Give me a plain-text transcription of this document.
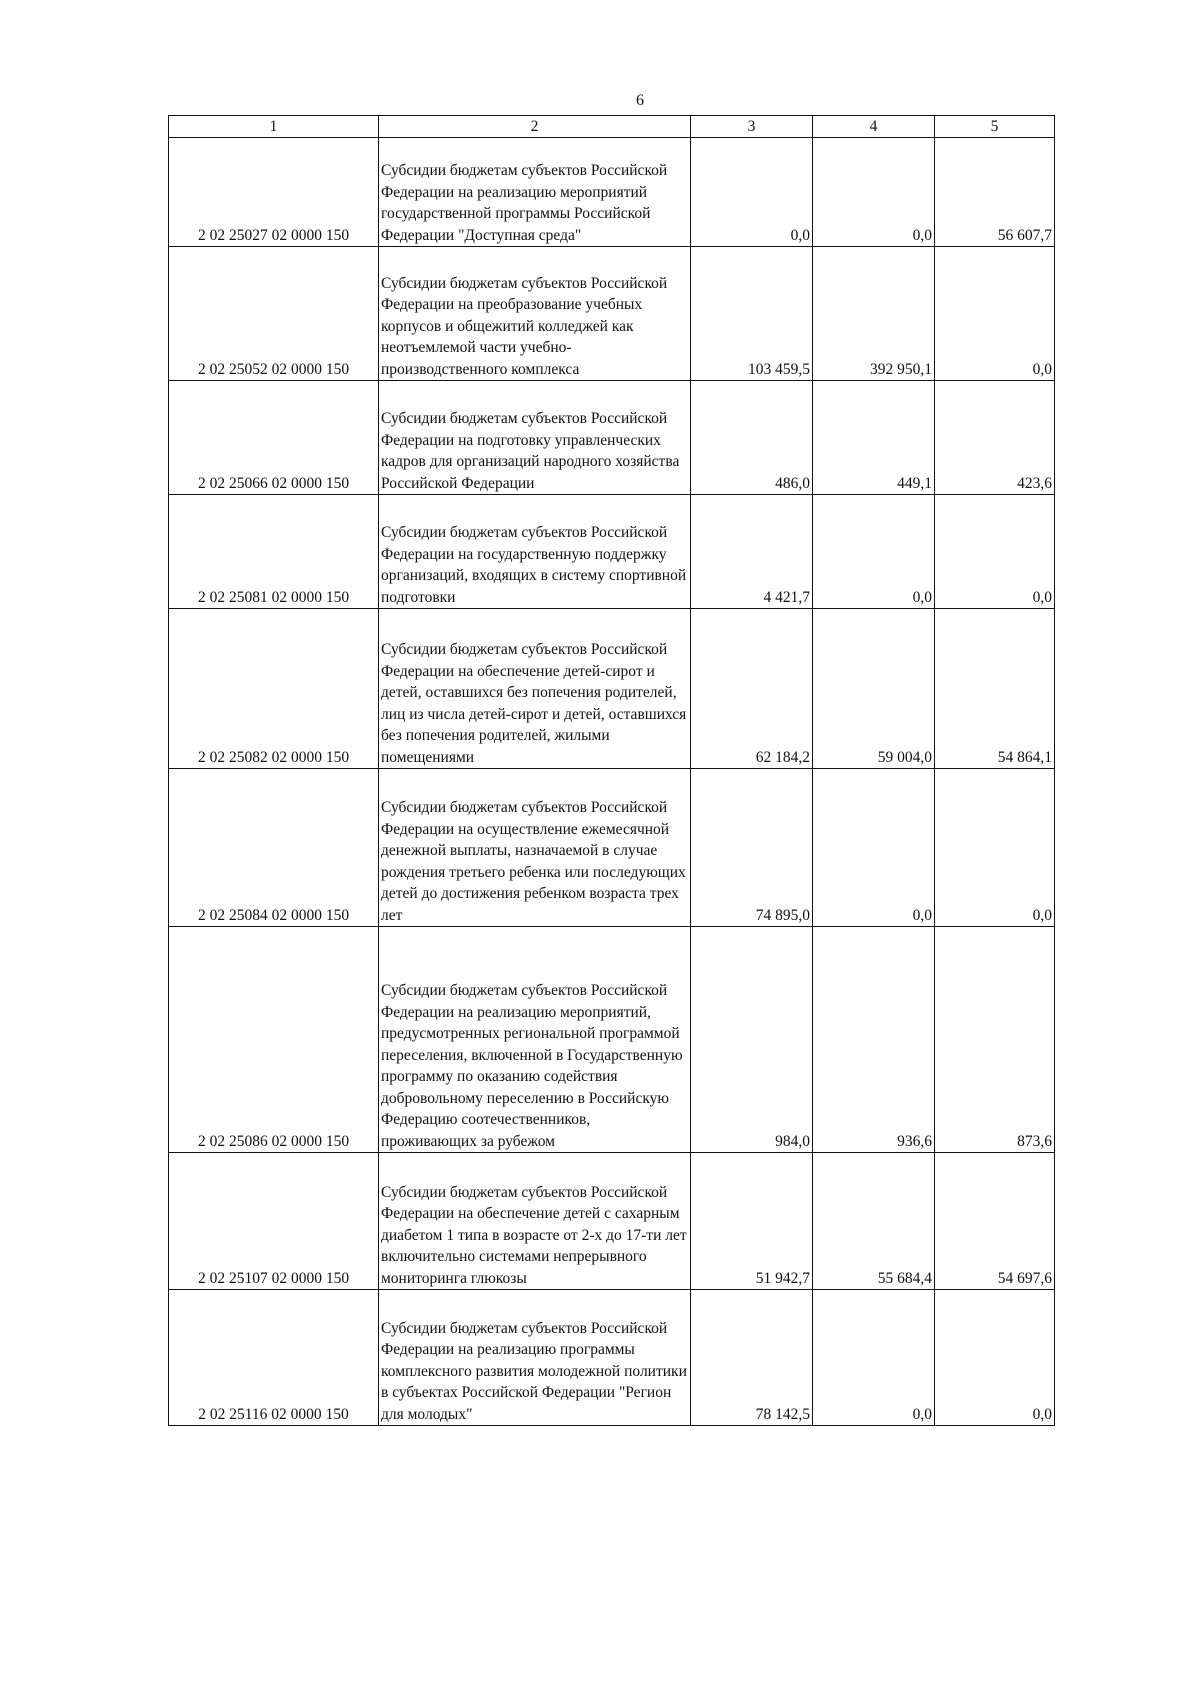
6
1	2	3	4	5
2 02 25027 02 0000 150	Субсидии бюджетам субъектов Российской Федерации на реализацию мероприятий государственной программы Российской Федерации "Доступная среда"	0,0	0,0	56 607,7
2 02 25052 02 0000 150	Субсидии бюджетам субъектов Российской Федерации на преобразование учебных корпусов и общежитий колледжей как неотъемлемой части учебно-производственного комплекса	103 459,5	392 950,1	0,0
2 02 25066 02 0000 150	Субсидии бюджетам субъектов Российской Федерации на подготовку управленческих кадров для организаций народного хозяйства Российской Федерации	486,0	449,1	423,6
2 02 25081 02 0000 150	Субсидии бюджетам субъектов Российской Федерации на государственную поддержку организаций, входящих в систему спортивной подготовки	4 421,7	0,0	0,0
2 02 25082 02 0000 150	Субсидии бюджетам субъектов Российской Федерации на обеспечение детей-сирот и детей, оставшихся без попечения родителей, лиц из числа детей-сирот и детей, оставшихся без попечения родителей, жилыми помещениями	62 184,2	59 004,0	54 864,1
2 02 25084 02 0000 150	Субсидии бюджетам субъектов Российской Федерации на осуществление ежемесячной денежной выплаты, назначаемой в случае рождения третьего ребенка или последующих детей до достижения ребенком возраста трех лет	74 895,0	0,0	0,0
2 02 25086 02 0000 150	Субсидии бюджетам субъектов Российской Федерации на реализацию мероприятий, предусмотренных региональной программой переселения, включенной в Государственную программу по оказанию содействия добровольному переселению в Российскую Федерацию соотечественников, проживающих за рубежом	984,0	936,6	873,6
2 02 25107 02 0000 150	Субсидии бюджетам субъектов Российской Федерации на обеспечение детей с сахарным диабетом 1 типа в возрасте от 2-х до 17-ти лет включительно системами непрерывного мониторинга глюкозы	51 942,7	55 684,4	54 697,6
2 02 25116 02 0000 150	Субсидии бюджетам субъектов Российской Федерации на реализацию программы комплексного развития молодежной политики в субъектах Российской Федерации "Регион для молодых"	78 142,5	0,0	0,0
